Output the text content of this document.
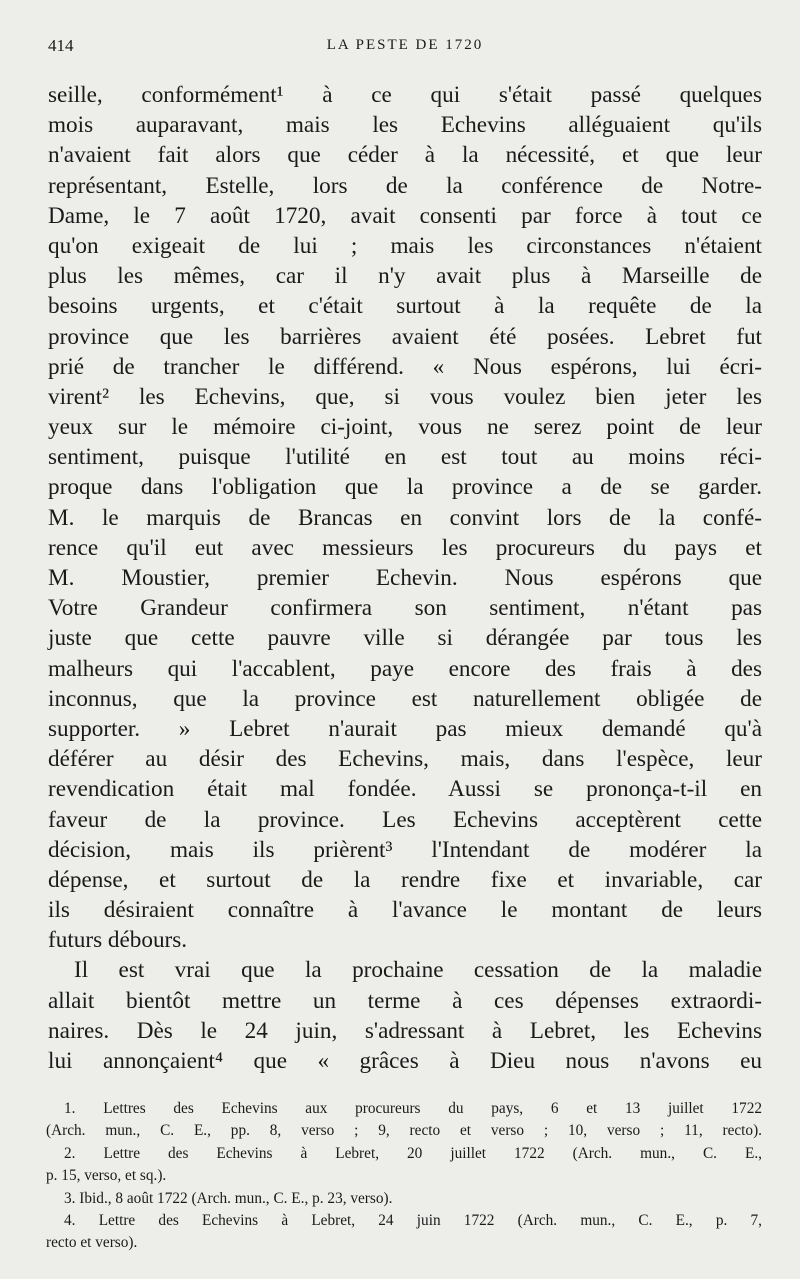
414	LA PESTE DE 1720
seille, conformément¹ à ce qui s'était passé quelques
mois auparavant, mais les Echevins alléguaient qu'ils
n'avaient fait alors que céder à la nécessité, et que leur
représentant, Estelle, lors de la conférence de Notre-
Dame, le 7 août 1720, avait consenti par force à tout ce
qu'on exigeait de lui ; mais les circonstances n'étaient
plus les mêmes, car il n'y avait plus à Marseille de
besoins urgents, et c'était surtout à la requête de la
province que les barrières avaient été posées. Lebret fut
prié de trancher le différend. « Nous espérons, lui écri-
virent² les Echevins, que, si vous voulez bien jeter les
yeux sur le mémoire ci-joint, vous ne serez point de leur
sentiment, puisque l'utilité en est tout au moins réci-
proque dans l'obligation que la province a de se garder.
M. le marquis de Brancas en convint lors de la confé-
rence qu'il eut avec messieurs les procureurs du pays et
M. Moustier, premier Echevin. Nous espérons que
Votre Grandeur confirmera son sentiment, n'étant pas
juste que cette pauvre ville si dérangée par tous les
malheurs qui l'accablent, paye encore des frais à des
inconnus, que la province est naturellement obligée de
supporter. » Lebret n'aurait pas mieux demandé qu'à
déférer au désir des Echevins, mais, dans l'espèce, leur
revendication était mal fondée. Aussi se prononça-t-il en
faveur de la province. Les Echevins acceptèrent cette
décision, mais ils prièrent³ l'Intendant de modérer la
dépense, et surtout de la rendre fixe et invariable, car
ils désiraient connaître à l'avance le montant de leurs
futurs débours.
Il est vrai que la prochaine cessation de la maladie
allait bientôt mettre un terme à ces dépenses extraordi-
naires. Dès le 24 juin, s'adressant à Lebret, les Echevins
lui annonçaient⁴ que « grâces à Dieu nous n'avons eu
1. Lettres des Echevins aux procureurs du pays, 6 et 13 juillet 1722
(Arch. mun., C. E., pp. 8, verso ; 9, recto et verso ; 10, verso ; 11, recto).
2. Lettre des Echevins à Lebret, 20 juillet 1722 (Arch. mun., C. E.,
p. 15, verso, et sq.).
3. Ibid., 8 août 1722 (Arch. mun., C. E., p. 23, verso).
4. Lettre des Echevins à Lebret, 24 juin 1722 (Arch. mun., C. E., p. 7,
recto et verso).
